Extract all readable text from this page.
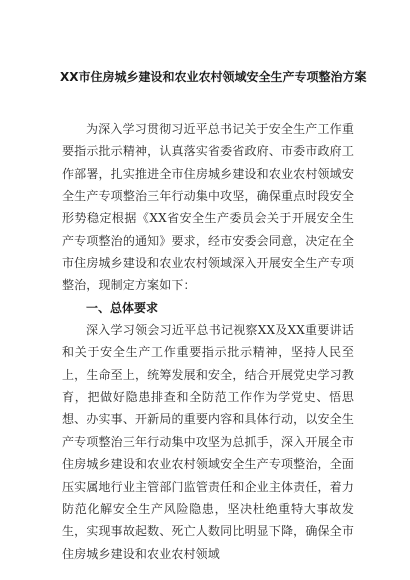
XX市住房城乡建设和农业农村领域安全生产专项整治方案

为深入学习贯彻习近平总书记关于安全生产工作重要指示批示精神，认真落实省委省政府、市委市政府工作部署，扎实推进全市住房城乡建设和农业农村领域安全生产专项整治三年行动集中攻坚，确保重点时段安全形势稳定根据《XX省安全生产委员会关于开展安全生产专项整治的通知》要求，经市安委会同意，决定在全市住房城乡建设和农业农村领域深入开展安全生产专项整治，现制定方案如下：

一、总体要求

深入学习领会习近平总书记视察XX及XX重要讲话和关于安全生产工作重要指示批示精神，坚持人民至上，生命至上，统筹发展和安全，结合开展党史学习教育，把做好隐患排查和全防范工作作为学党史、悟思想、办实事、开新局的重要内容和具体行动，以安全生产专项整治三年行动集中攻坚为总抓手，深入开展全市住房城乡建设和农业农村领域安全生产专项整治，全面压实属地行业主管部门监管责任和企业主体责任，着力防范化解安全生产风险隐患，坚决杜绝重特大事故发生，实现事故起数、死亡人数同比明显下降，确保全市住房城乡建设和农业农村领域
